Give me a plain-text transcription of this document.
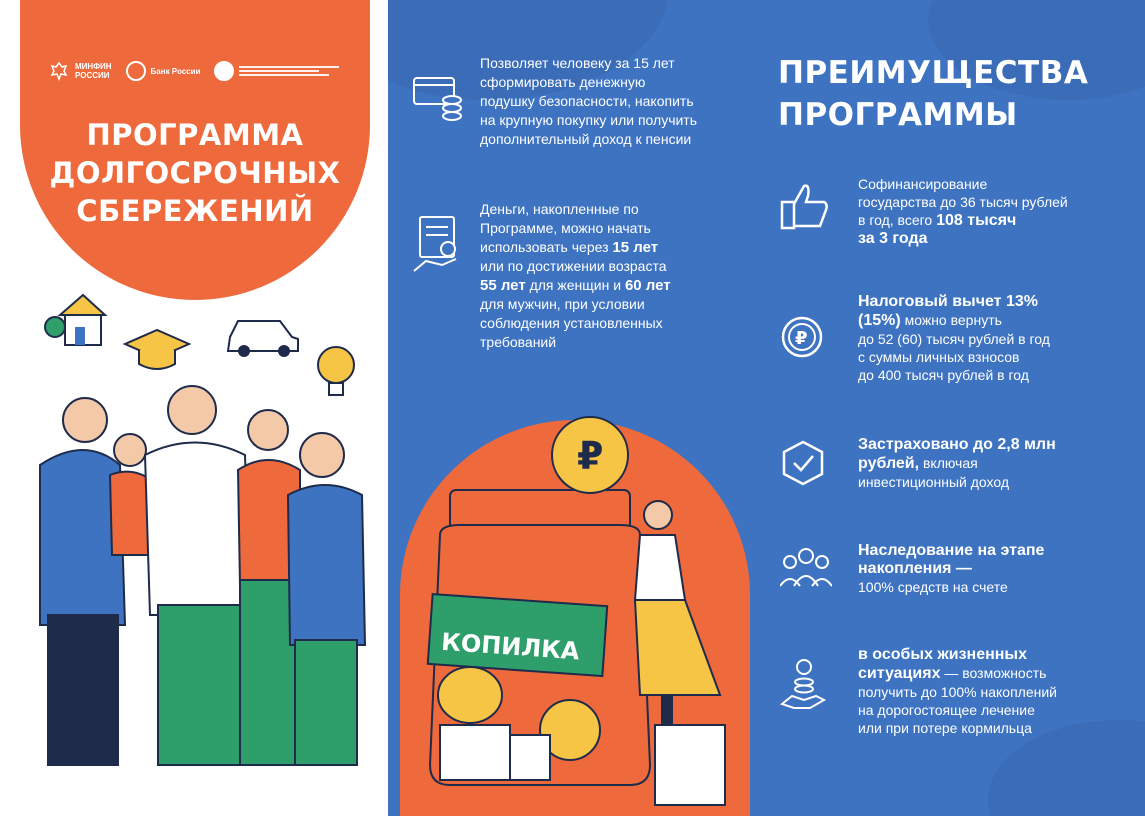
МИНФИН
РОССИИ	Банк России
ПРОГРАММА
ДОЛГОСРОЧНЫХ
СБЕРЕЖЕНИЙ
Позволяет человеку за 15 лет
сформировать денежную
подушку безопасности, накопить
на крупную покупку или получить
дополнительный доход к пенсии
Деньги, накопленные по
Программе, можно начать
использовать через 15 лет
или по достижении возраста
55 лет для женщин и 60 лет
для мужчин, при условии
соблюдения установленных
требований
КОПИЛКА
₽
ПРЕИМУЩЕСТВА
ПРОГРАММЫ
Софинансирование
государства до 36 тысяч рублей
в год, всего 108 тысяч
за 3 года
₽
Налоговый вычет 13%
(15%) можно вернуть
до 52 (60) тысяч рублей в год
с суммы личных взносов
до 400 тысяч рублей в год
Застраховано до 2,8 млн
рублей, включая
инвестиционный доход
Наследование на этапе
накопления —
100% средств на счете
в особых жизненных
ситуациях — возможность
получить до 100% накоплений
на дорогостоящее лечение
или при потере кормильца
